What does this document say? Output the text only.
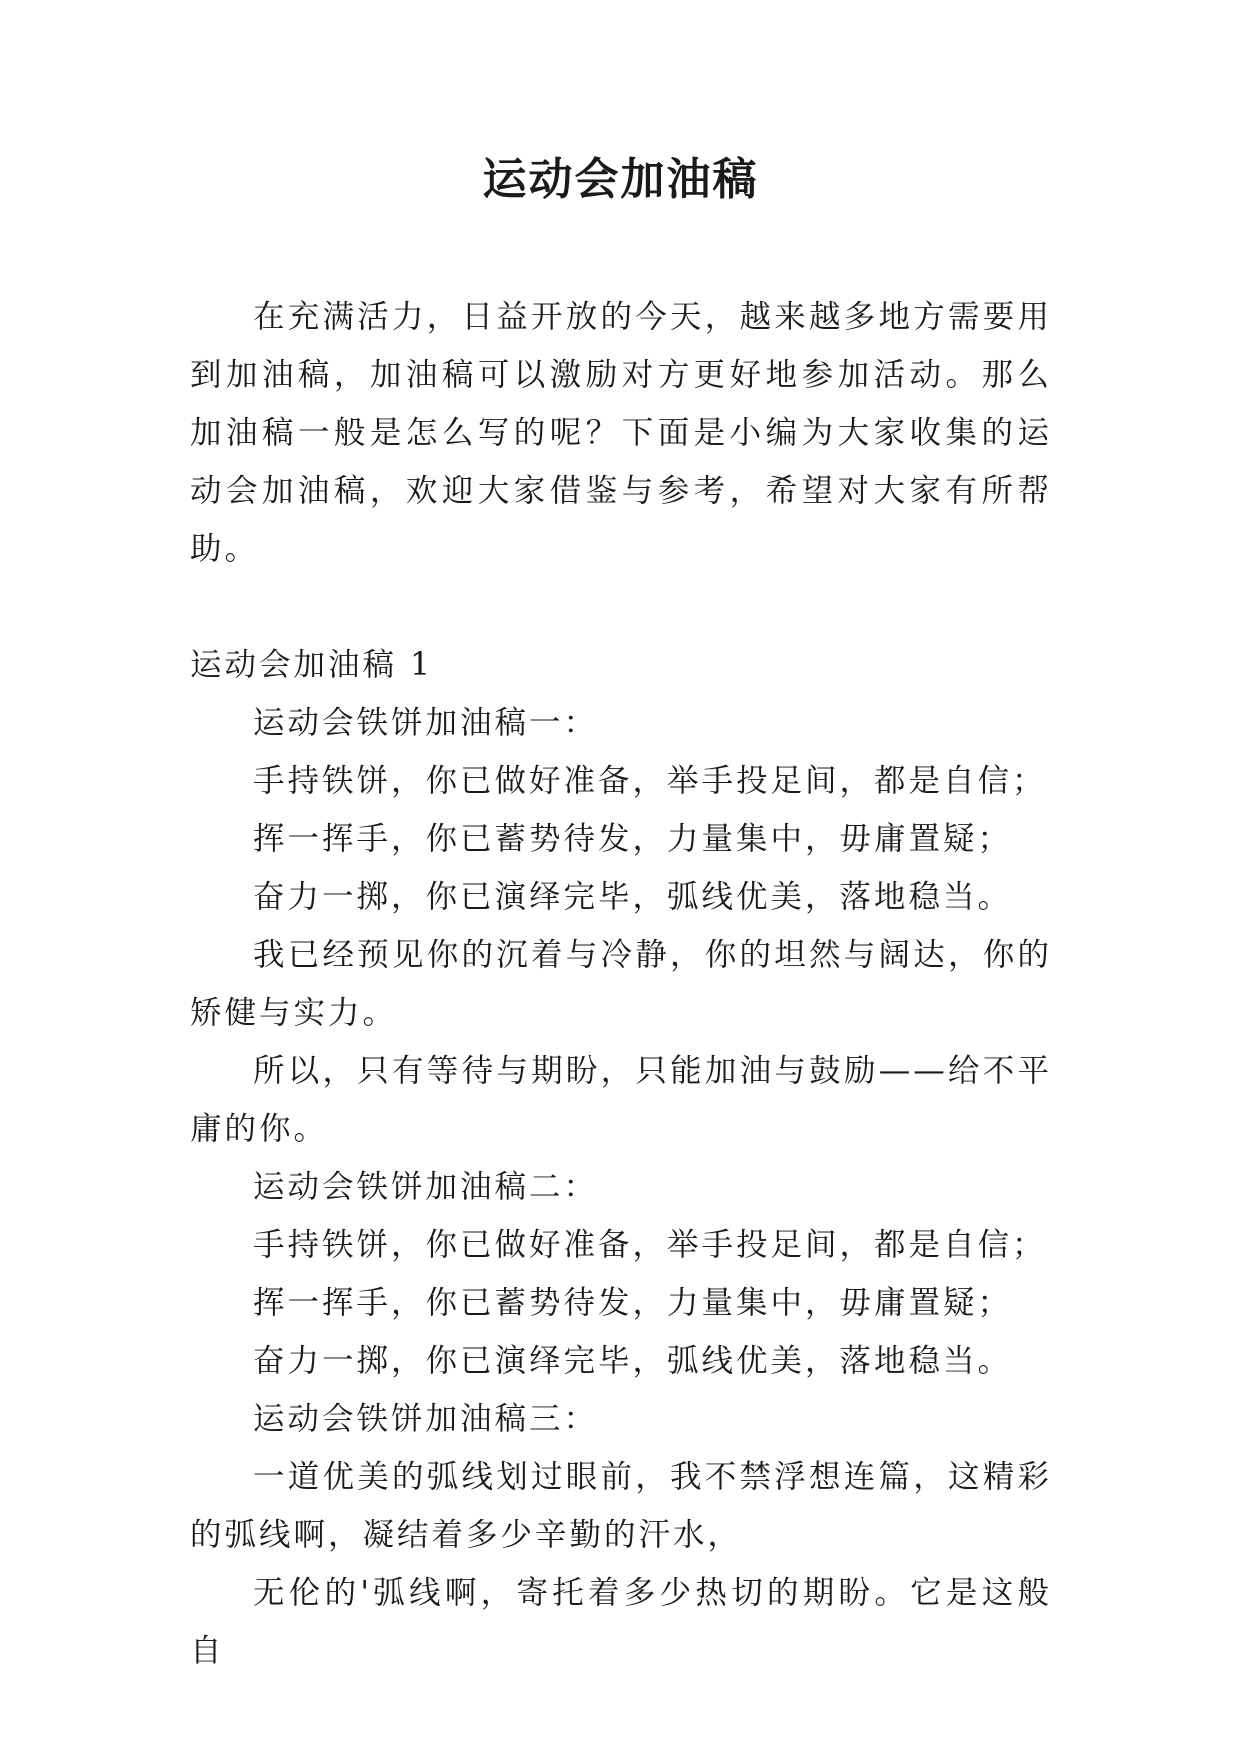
运动会加油稿

在充满活力，日益开放的今天，越来越多地方需要用到加油稿，加油稿可以激励对方更好地参加活动。那么加油稿一般是怎么写的呢？下面是小编为大家收集的运动会加油稿，欢迎大家借鉴与参考，希望对大家有所帮助。

运动会加油稿 1

运动会铁饼加油稿一：

手持铁饼，你已做好准备，举手投足间，都是自信；

挥一挥手，你已蓄势待发，力量集中，毋庸置疑；

奋力一掷，你已演绎完毕，弧线优美，落地稳当。

我已经预见你的沉着与冷静，你的坦然与阔达，你的矫健与实力。

所以，只有等待与期盼，只能加油与鼓励——给不平庸的你。

运动会铁饼加油稿二：

手持铁饼，你已做好准备，举手投足间，都是自信；

挥一挥手，你已蓄势待发，力量集中，毋庸置疑；

奋力一掷，你已演绎完毕，弧线优美，落地稳当。

运动会铁饼加油稿三：

一道优美的弧线划过眼前，我不禁浮想连篇，这精彩的弧线啊，凝结着多少辛勤的汗水，

无伦的'弧线啊，寄托着多少热切的期盼。它是这般自
